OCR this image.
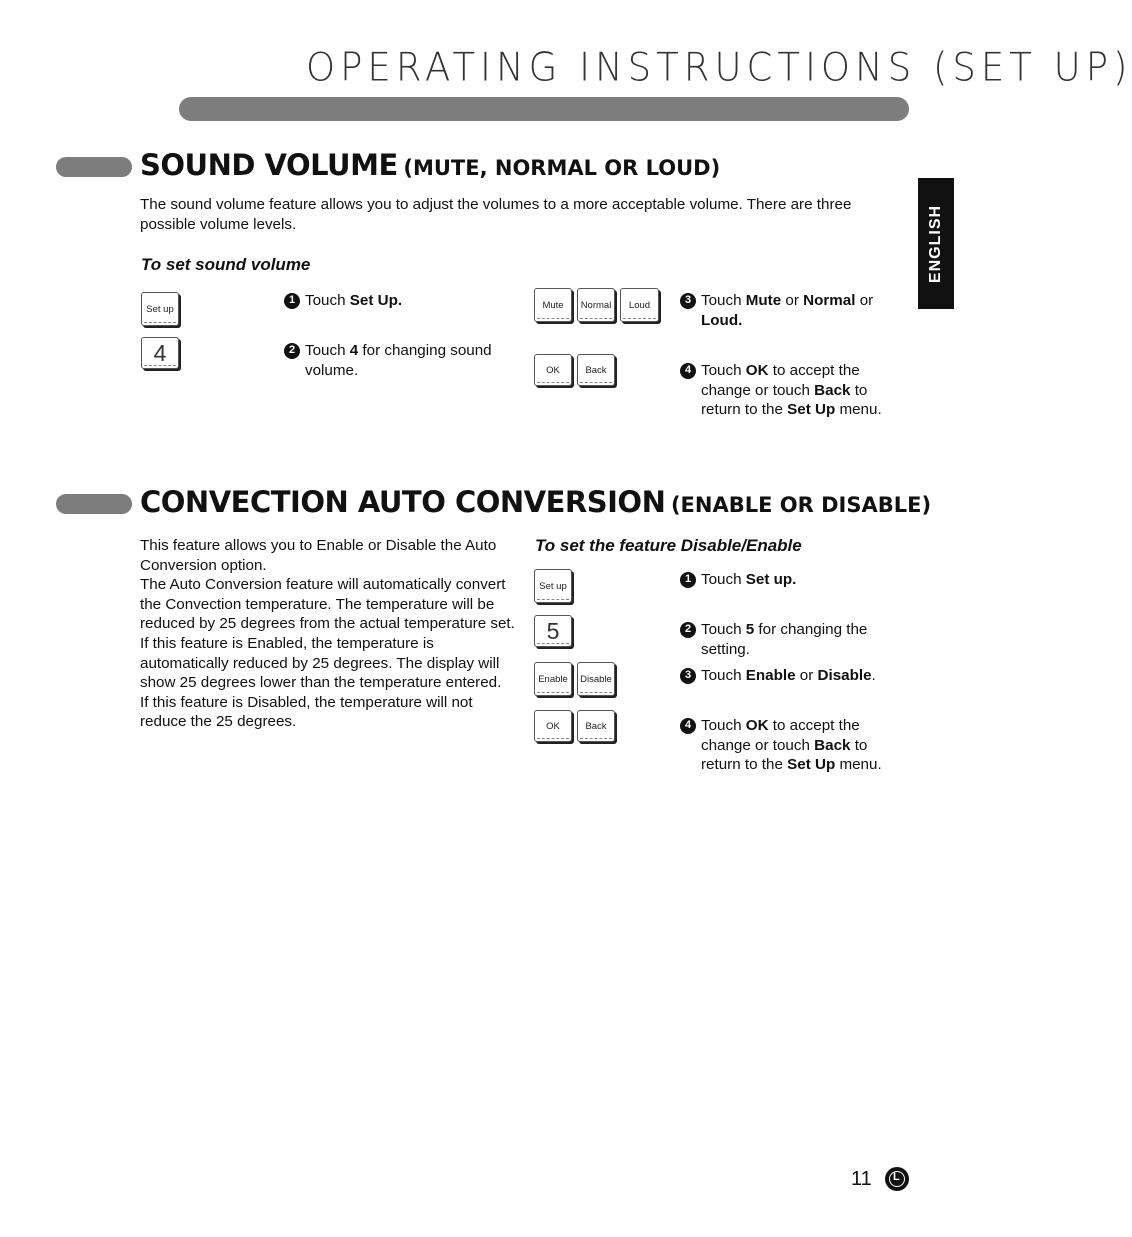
OPERATING INSTRUCTIONS (SET UP)
ENGLISH
SOUND VOLUME (MUTE, NORMAL OR LOUD)
The sound volume feature allows you to adjust the volumes to a more acceptable volume. There are three possible volume levels.
To set sound volume
Set up
4
Mute	Normal	Loud
OK	Back
1 Touch Set Up.
2 Touch 4 for changing sound volume.
3 Touch Mute or Normal or Loud.
4 Touch OK to accept the change or touch Back to return to the Set Up menu.
CONVECTION AUTO CONVERSION (ENABLE OR DISABLE)
This feature allows you to Enable or Disable the Auto Conversion option.
The Auto Conversion feature will automatically convert the Convection temperature. The temperature will be reduced by 25 degrees from the actual temperature set.
If this feature is Enabled, the temperature is automatically reduced by 25 degrees. The display will show 25 degrees lower than the temperature entered.
If this feature is Disabled, the temperature will not reduce the 25 degrees.
To set the feature Disable/Enable
Set up
5
Enable	Disable
OK	Back
1 Touch Set up.
2 Touch 5 for changing the setting.
3 Touch Enable or Disable.
4 Touch OK to accept the change or touch Back to return to the Set Up menu.
11
L
